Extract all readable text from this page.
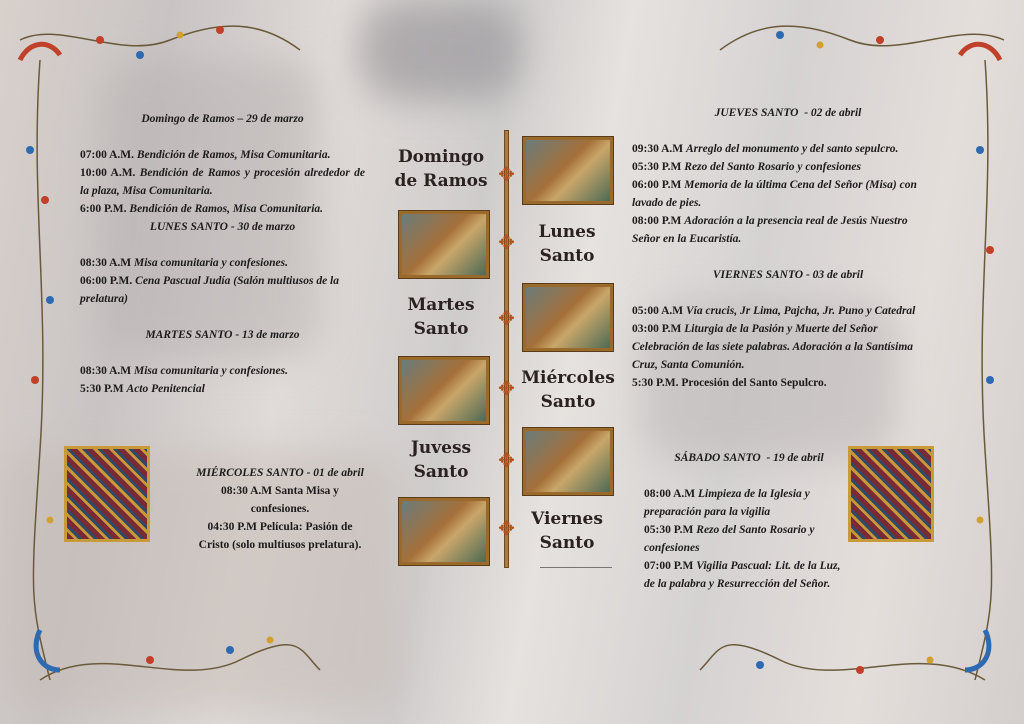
Domingo de Ramos – 29 de marzo
07:00 A.M. Bendición de Ramos, Misa Comunitaria.
10:00 A.M. Bendición de Ramos y procesión alrededor de la plaza, Misa Comunitaria.
6:00 P.M. Bendición de Ramos, Misa Comunitaria.
LUNES SANTO - 30 de marzo
08:30 A.M Misa comunitaria y confesiones.
06:00 P.M. Cena Pascual Judía (Salón multiusos de la prelatura)
MARTES SANTO - 13 de marzo
08:30 A.M Misa comunitaria y confesiones.
5:30 P.M Acto Penitencial
MIÉRCOLES SANTO - 01 de abril
08:30 A.M Santa Misa y confesiones.
04:30 P.M Película: Pasión de Cristo (solo multiusos prelatura).
✥
✥
✥
✥
✥
✥
Domingo de Ramos
Lunes Santo
Martes Santo
Miércoles Santo
Juvess Santo
Viernes Santo
JUEVES SANTO  - 02 de abril
09:30 A.M Arreglo del monumento y del santo sepulcro.
05:30 P.M Rezo del Santo Rosario y confesiones
06:00 P.M Memoria de la última Cena del Señor (Misa) con lavado de pies.
08:00 P.M Adoración a la presencia real de Jesús Nuestro Señor en la Eucaristía.
VIERNES SANTO - 03 de abril
05:00 A.M Vía crucis, Jr Lima, Pajcha, Jr. Puno y Catedral
03:00 P.M Liturgia de la Pasión y Muerte del Señor Celebración de las siete palabras. Adoración a la Santísima Cruz, Santa Comunión.
5:30 P.M. Procesión del Santo Sepulcro.
SÁBADO SANTO  - 19 de abril
08:00 A.M Limpieza de la Iglesia y preparación para la vigilia
05:30 P.M Rezo del Santo Rosario y confesiones
07:00 P.M Vigilia Pascual: Lit. de la Luz, de la palabra y Resurrección del Señor.
